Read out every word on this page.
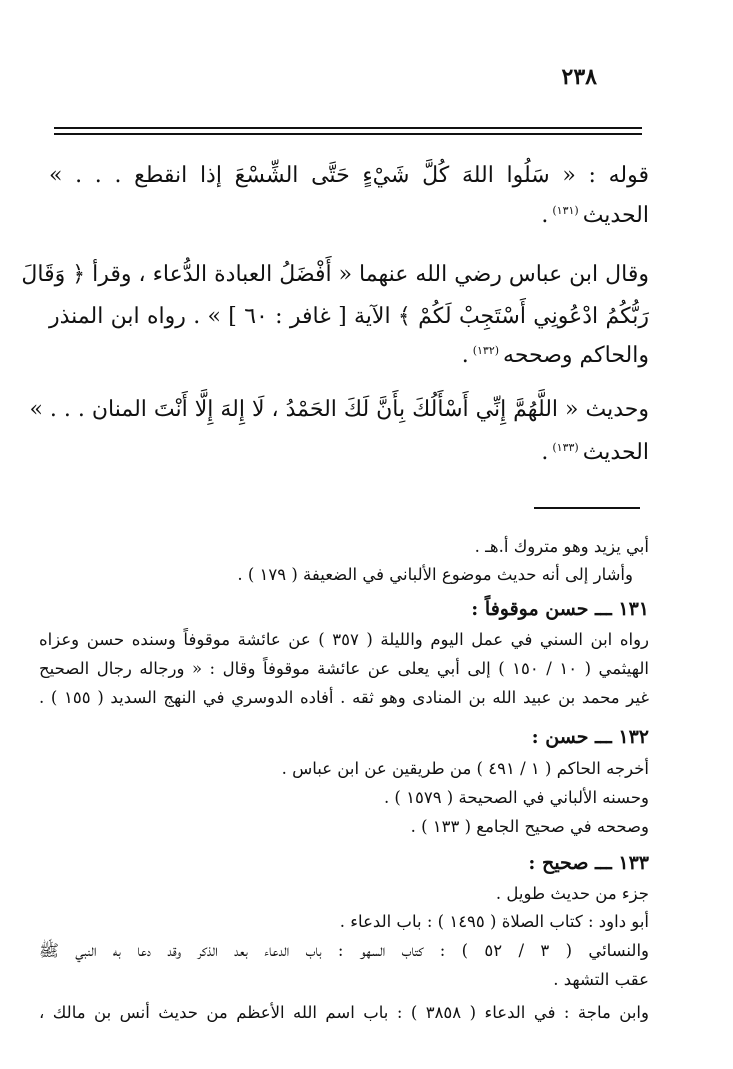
٢٣٨
قوله : « سَلُوا اللهَ كُلَّ شَيْءٍ حَتَّى الشِّسْعَ إذا انقطع . . . »
الحديث$^{(١٣١)}$.
وقال ابن عباس رضي الله عنهما « أَفْضَلُ العبادة الدُّعاء ، وقرأ ﴿ وَقَالَ
رَبُّكُمُ ادْعُونِي أَسْتَجِبْ لَكُمْ ﴾ الآية [ غافر : ٦٠ ] » . رواه ابن المنذر
والحاكم وصححه$^{(١٣٢)}$.
وحديث « اللَّهُمَّ إِنِّي أَسْأَلُكَ بِأَنَّ لَكَ الحَمْدُ ، لَا إِلهَ إِلَّا أَنْتَ المنان . . . »
الحديث$^{(١٣٣)}$.
أبي يزيد وهو متروك أ.هـ .
وأشار إلى أنه حديث موضوع الألباني في الضعيفة ( ١٧٩ ) .
١٣١ ـــ حسن موقوفاً :
رواه ابن السني في عمل اليوم والليلة ( ٣٥٧ ) عن عائشة موقوفاً وسنده حسن وعزاه
الهيثمي ( ١٠ / ١٥٠ ) إلى أبي يعلى عن عائشة موقوفاً وقال : « ورجاله رجال الصحيح
غير محمد بن عبيد الله بن المنادى وهو ثقه . أفاده الدوسري في النهج السديد ( ١٥٥ ) .
١٣٢ ـــ حسن :
أخرجه الحاكم ( ١ / ٤٩١ ) من طريقين عن ابن عباس .
وحسنه الألباني في الصحيحة ( ١٥٧٩ ) .
وصححه في صحيح الجامع ( ١٣٣ ) .
١٣٣ ـــ صحيح :
جزء من حديث طويل .
أبو داود : كتاب الصلاة ( ١٤٩٥ ) : باب الدعاء .
والنسائي ( ٣ / ٥٢ ) : كتاب السهو : باب الدعاء بعد الذكر وقد دعا به النبي ﷺ
عقب التشهد .
وابن ماجة : في الدعاء ( ٣٨٥٨ ) : باب اسم الله الأعظم من حديث أنس بن مالك ،
